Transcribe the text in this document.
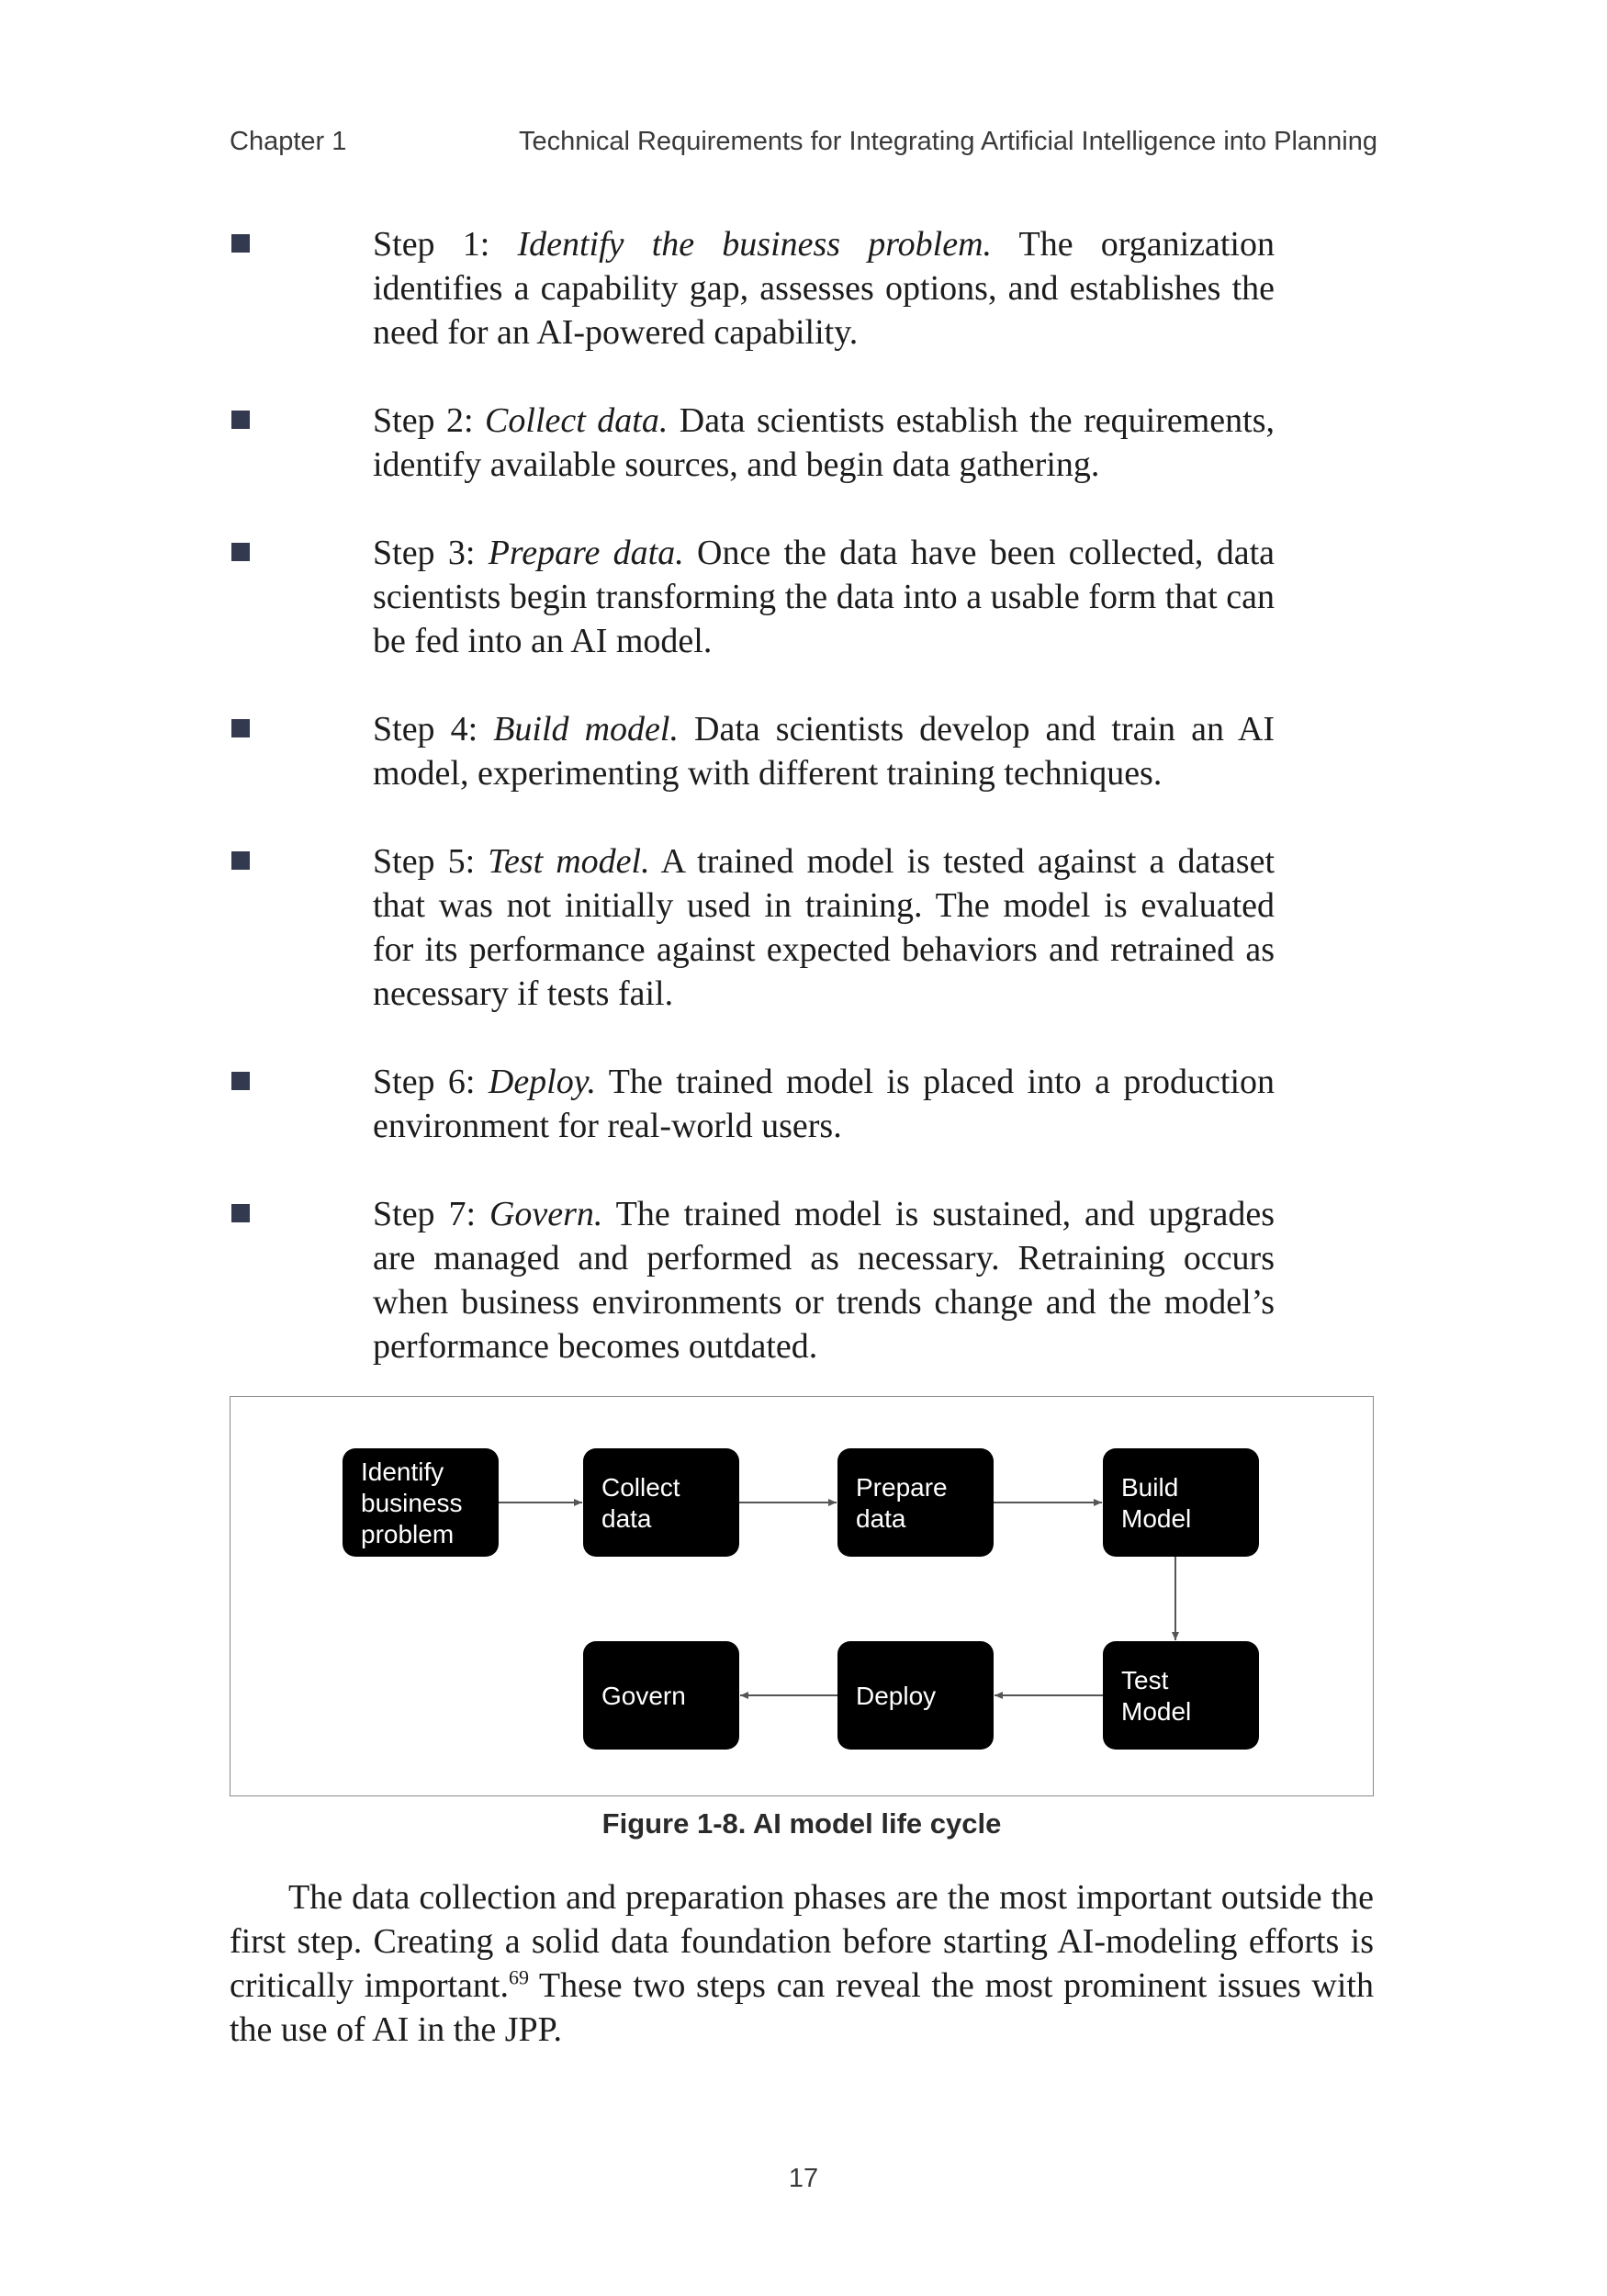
Chapter 1	Technical Requirements for Integrating Artificial Intelligence into Planning
Step 1: Identify the business problem. The organization identifies a capability gap, assesses options, and establishes the need for an AI-powered capability.
Step 2: Collect data. Data scientists establish the requirements, identify available sources, and begin data gathering.
Step 3: Prepare data. Once the data have been collected, data scientists begin transforming the data into a usable form that can be fed into an AI model.
Step 4: Build model. Data scientists develop and train an AI model, experimenting with different training techniques.
Step 5: Test model. A trained model is tested against a dataset that was not initially used in training. The model is evaluated for its performance against expected behaviors and retrained as necessary if tests fail.
Step 6: Deploy. The trained model is placed into a production environment for real-world users.
Step 7: Govern. The trained model is sustained, and upgrades are managed and performed as necessary. Retraining occurs when business environments or trends change and the model’s performance becomes outdated.
Identify
business
problem
Collect
data
Prepare
data
Build
Model
Test
Model
Deploy
Govern
Figure 1-8. AI model life cycle

The data collection and preparation phases are the most important outside the first step. Creating a solid data foundation before starting AI-modeling efforts is critically important.$^{69}$ These two steps can reveal the most prominent issues with the use of AI in the JPP.

17
